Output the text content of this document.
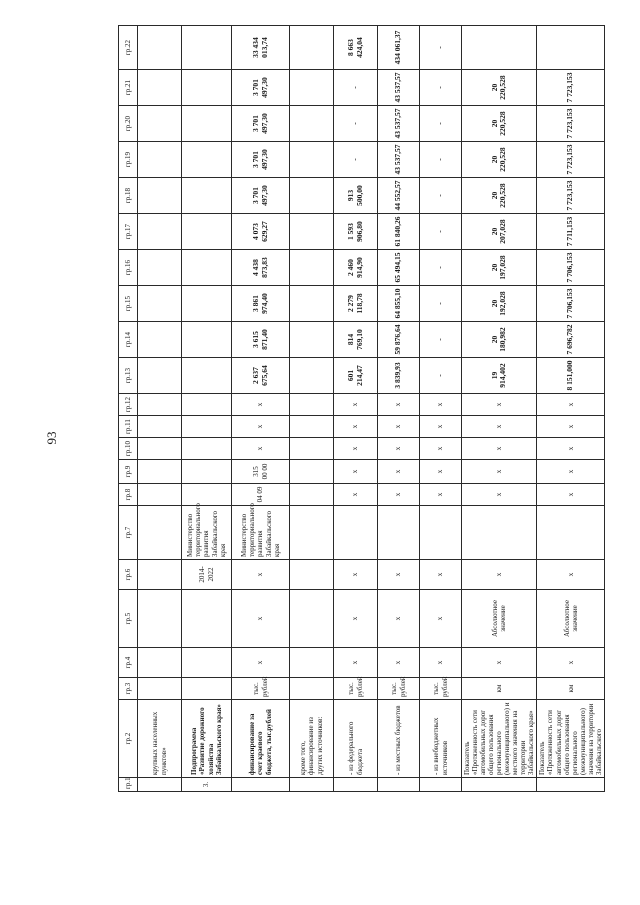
93
гр.1	гр.2	гр.3	гр.4	гр.5	гр.6	гр.7	гр.8	гр.9	гр.10	гр.11	гр.12	гр.13	гр.14	гр.15	гр.16	гр.17	гр.18	гр.19	гр.20	гр.21	гр.22
	крупных населенных пунктов»																				
3.	Подпрограмма «Развитие дорожного хозяйства Забайкальского края»				2014-2022	Министерство территориального развития Забайкальского края															
	финансирование за счет краевого бюджета, тыс.рублей	тыс. рублей	х	х	х	Министерство территориального развития Забайкальского края	04 09	315 00 00	х	х	х	2 637 675,64	3 615 871,40	3 861 974,40	4 438 873,83	4 073 629,27	3 701 497,30	3 701 497,30	3 701 497,30	3 701 497,30	33 434 013,74
	кроме того, финансирование из других источников:																				
	- из федерального бюджета	тыс. рублей	х	х	х		х	х	х	х	х	601 214,47	814 769,10	2 279 118,78	2 460 914,90	1 593 906,80	913 500,00	-	-	-	8 663 424,04
	- из местных бюджетов	тыс. рублей	х	х	х		х	х	х	х	х	3 839,93	59 876,64	64 855,10	65 494,15	61 840,26	44 552,57	43 537,57	43 537,57	43 537,57	434 061,37
	- из внебюджетных источников	тыс. рублей	х	х	х		х	х	х	х	х	-	-	-	-	-	-	-	-	-	-
	Показатель «Протяженность сети автомобильных дорог общего пользования регионального (межмуниципального) и местного значения на территории Забайкальского края»	км	х	Абсолютное значение	х		х	х	х	х	х	19 914,402	20 180,982	20 192,028	20 197,028	20 207,028	20 220,528	20 220,528	20 220,528	20 220,528	
	Показатель «Протяженность сети автомобильных дорог общего пользования регионального (межмуниципального) значения на территории Забайкальского	км	х	Абсолютное значение	х		х	х	х	х	х	8 151,000	7 696,782	7 706,153	7 706,153	7 711,153	7 723,153	7 723,153	7 723,153	7 723,153	
